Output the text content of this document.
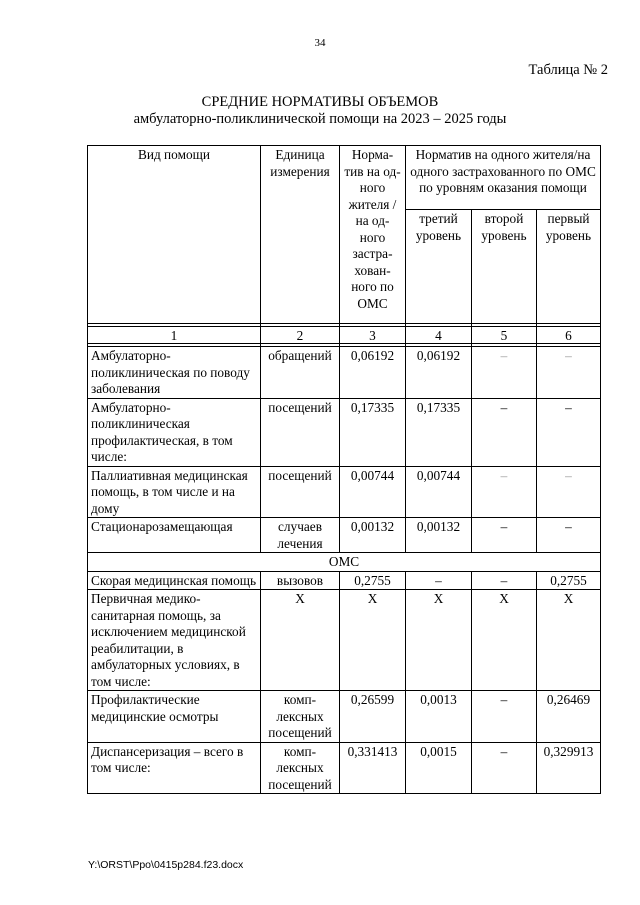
34
Таблица № 2
СРЕДНИЕ НОРМАТИВЫ ОБЪЕМОВ
амбулаторно-поликлинической помощи на 2023 – 2025 годы
Вид помощи	Единица измерения	Норма-тив на од-ного жителя / на од-ного застра-хован-ного по ОМС	Норматив на одного жителя/на одного застрахованного по ОМС по уровням оказания помощи		
			третий уровень	второй уровень	первый уровень

1	2	3	4	5	6

Амбулаторно-поликлиническая по поводу заболевания	обращений	0,06192	0,06192	–	–
Амбулаторно-поликлиническая профилактическая, в том числе:	посещений	0,17335	0,17335	–	–
Паллиативная медицинская помощь, в том числе и на дому	посещений	0,00744	0,00744	–	–
Стационарозамещающая	случаев лечения	0,00132	0,00132	–	–
ОМС					
Скорая медицинская помощь	вызовов	0,2755	–	–	0,2755
Первичная медико-санитарная помощь, за исключением медицинской реабилитации, в амбулаторных условиях, в том числе:	Х	Х	Х	Х	Х
Профилактические медицинские осмотры	комп-лексных посещений	0,26599	0,0013	–	0,26469
Диспансеризация – всего в том числе:	комп-лексных посещений	0,331413	0,0015	–	0,329913
Y:\ORST\Ppo\0415p284.f23.docx
